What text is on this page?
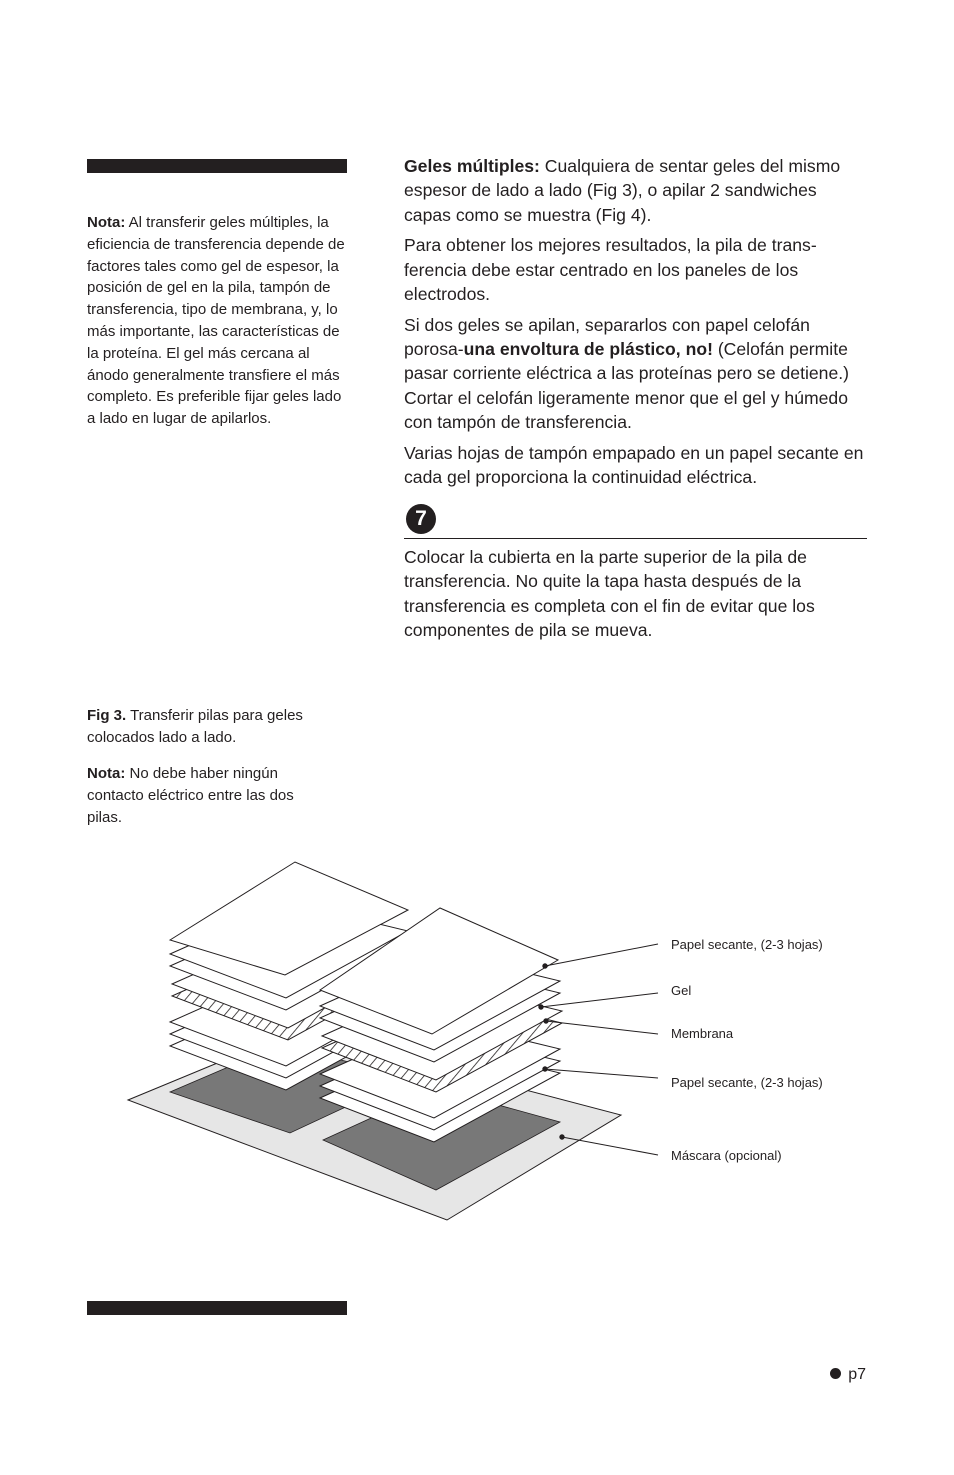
Nota: Al transferir geles múltiples, la eficiencia de transferencia depende de factores tales como gel de espesor, la posición de gel en la pila, tampón de transferencia, tipo de membrana, y, lo más importante, las características de la proteína. El gel más cercana al ánodo generalmente transfiere el más completo. Es preferible fijar geles lado a lado en lugar de apilarlos.

Geles múltiples: Cualquiera de sentar geles del mismo espesor de lado a lado (Fig 3), o apilar 2 sandwiches capas como se muestra (Fig 4).

Para obtener los mejores resultados, la pila de trans-ferencia debe estar centrado en los paneles de los electrodos.

Si dos geles se apilan, separarlos con papel celofán porosa-una envoltura de plástico, no! (Celofán permite pasar corriente eléctrica a las proteínas pero se detiene.) Cortar el celofán ligeramente menor que el gel y húmedo con tampón de transferencia.

Varias hojas de tampón empapado en un papel secante en cada gel proporciona la continuidad eléctrica.

7
Colocar la cubierta en la parte superior de la pila de transferencia. No quite la tapa hasta después de la transferencia es completa con el fin de evitar que los componentes de pila se mueva.
Fig 3. Transferir pilas para geles colocados lado a lado.
Nota: No debe haber ningún contacto eléctrico entre las dos pilas.
Papel secante, (2-3 hojas)
Gel
Membrana
Papel secante, (2-3 hojas)
Máscara (opcional)
p7
